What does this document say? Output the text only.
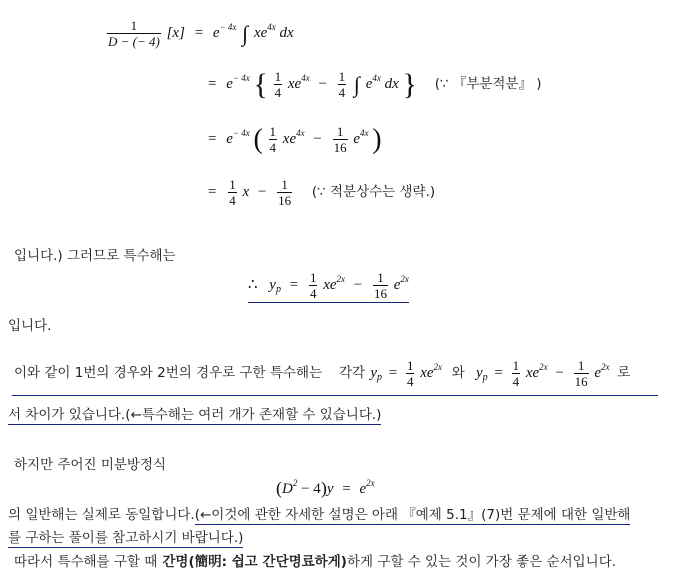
$\frac{1}{D - (- 4)} [x] = e^{- 4x}$ ∫ $xe^{4x}$ dx
= $e^{- 4x}$ { $\frac{1}{4} xe^{4x} - \frac{1}{4}$ ∫ $e^{4x}$ dx } (∵ 『부분적분』 )
= $e^{- 4x}$ ( $\frac{1}{4} xe^{4x} - \frac{1}{16} e^{4x}$ )
= $\frac{1}{4}$ $x - \frac{1}{16}$ (∵ 적분상수는 생략.)
입니다.) 그러므로 특수해는
∴ $y_p = \frac{1}{4} xe^{2x} - \frac{1}{16} e^{2x}$
입니다.
이와 같이 1번의 경우와 2번의 경우로 구한 특수해는 각각 $y_p = \frac{1}{4} xe^{2x}$ 와 $y_p = \frac{1}{4} xe^{2x} - \frac{1}{16} e^{2x}$ 로
서 차이가 있습니다.(←특수해는 여러 개가 존재할 수 있습니다.)
하지만 주어진 미분방정식
$(D^2 - 4)y = e^{2x}$
의 일반해는 실제로 동일합니다.(←이것에 관한 자세한 설명은 아래 『예제 5.1』(7)번 문제에 대한 일반해
를 구하는 풀이를 참고하시기 바랍니다.)
따라서 특수해를 구할 때 간명(簡明: 쉽고 간단명료하게)하게 구할 수 있는 것이 가장 좋은 순서입니다.
